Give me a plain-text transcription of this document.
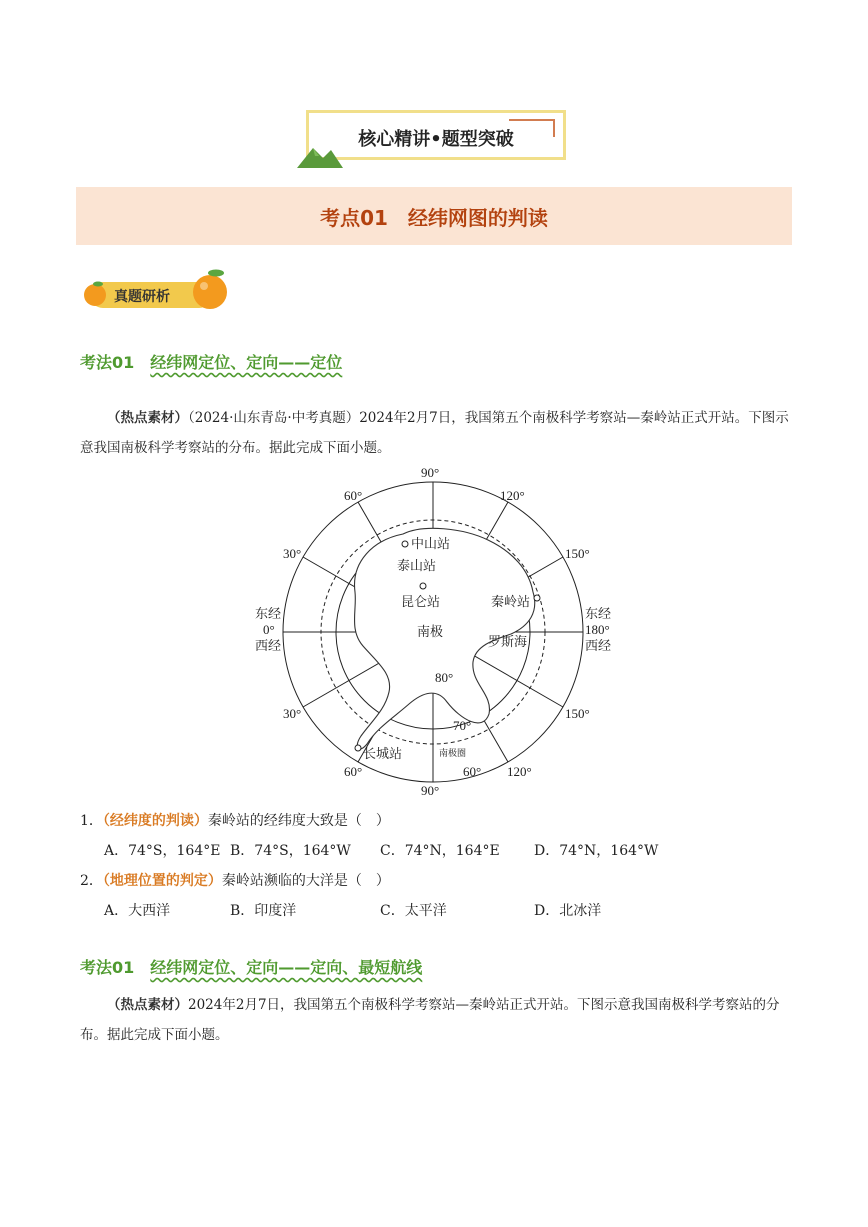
核心精讲•题型突破
考点01　经纬网图的判读
真题研析
考法01　经纬网定位、定向——定位
（热点素材）（2024·山东青岛·中考真题）2024年2月7日，我国第五个南极科学考察站—秦岭站正式开站。下图示意我国南极科学考察站的分布。据此完成下面小题。
90°
90°
60°
30°
30°
60°
120°
150°
150°
120°
东经
0°
西经
东经
180°
西经
80°
70°
60°
中山站
泰山站
昆仑站	秦岭站
南极
罗斯海
长城站	南极圈
1．（经纬度的判读）秦岭站的经纬度大致是（　）
A．74°S，164°E B．74°S，164°W C．74°N，164°E D．74°N，164°W
2．（地理位置的判定）秦岭站濒临的大洋是（　）
A．大西洋	B．印度洋	C．太平洋	D．北冰洋
考法01　经纬网定位、定向——定向、最短航线
（热点素材）2024年2月7日，我国第五个南极科学考察站—秦岭站正式开站。下图示意我国南极科学考察站的分布。据此完成下面小题。
